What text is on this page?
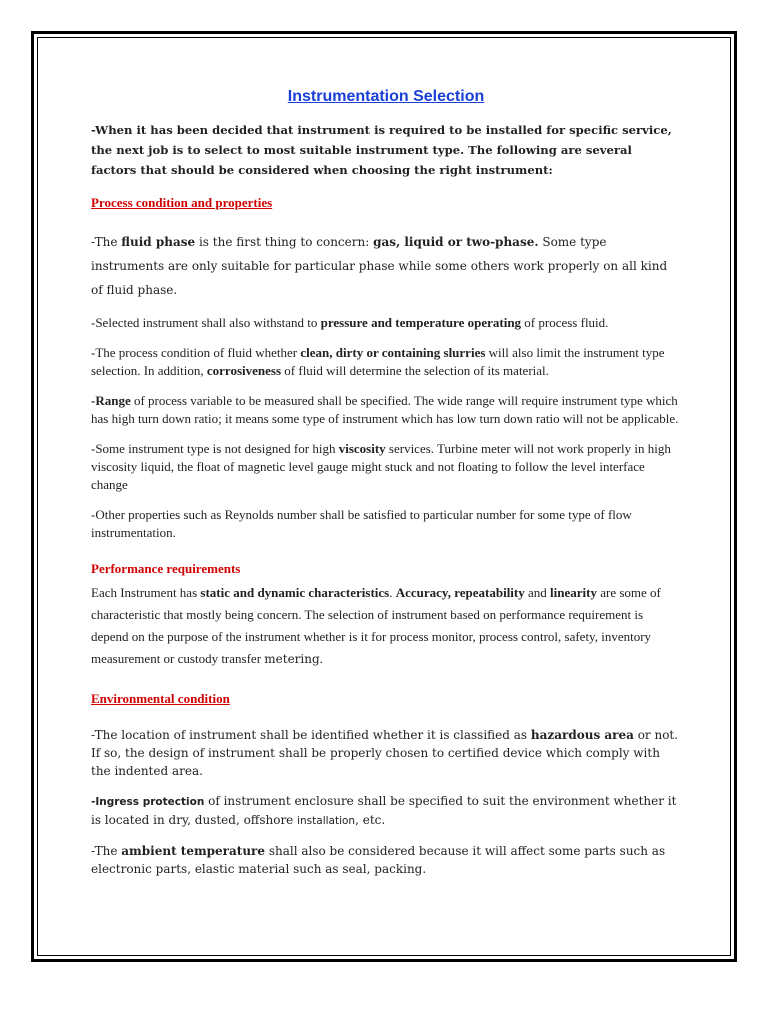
Instrumentation Selection

-When it has been decided that instrument is required to be installed for specific service, the next job is to select to most suitable instrument type. The following are several factors that should be considered when choosing the right instrument:

Process condition and properties

-The fluid phase is the first thing to concern: gas, liquid or two-phase. Some type instruments are only suitable for particular phase while some others work properly on all kind of fluid phase.

-Selected instrument shall also withstand to pressure and temperature operating of process fluid.

-The process condition of fluid whether clean, dirty or containing slurries will also limit the instrument type selection. In addition, corrosiveness of fluid will determine the selection of its material.

-Range of process variable to be measured shall be specified. The wide range will require instrument type which has high turn down ratio; it means some type of instrument which has low turn down ratio will not be applicable.

-Some instrument type is not designed for high viscosity services. Turbine meter will not work properly in high viscosity liquid, the float of magnetic level gauge might stuck and not floating to follow the level interface change

-Other properties such as Reynolds number shall be satisfied to particular number for some type of flow instrumentation.

Performance requirements

Each Instrument has static and dynamic characteristics. Accuracy, repeatability and linearity are some of characteristic that mostly being concern. The selection of instrument based on performance requirement is depend on the purpose of the instrument whether is it for process monitor, process control, safety, inventory measurement or custody transfer metering.

Environmental condition

-The location of instrument shall be identified whether it is classified as hazardous area or not. If so, the design of instrument shall be properly chosen to certified device which comply with the indented area.

-Ingress protection of instrument enclosure shall be specified to suit the environment whether it is located in dry, dusted, offshore installation, etc.

-The ambient temperature shall also be considered because it will affect some parts such as electronic parts, elastic material such as seal, packing.
